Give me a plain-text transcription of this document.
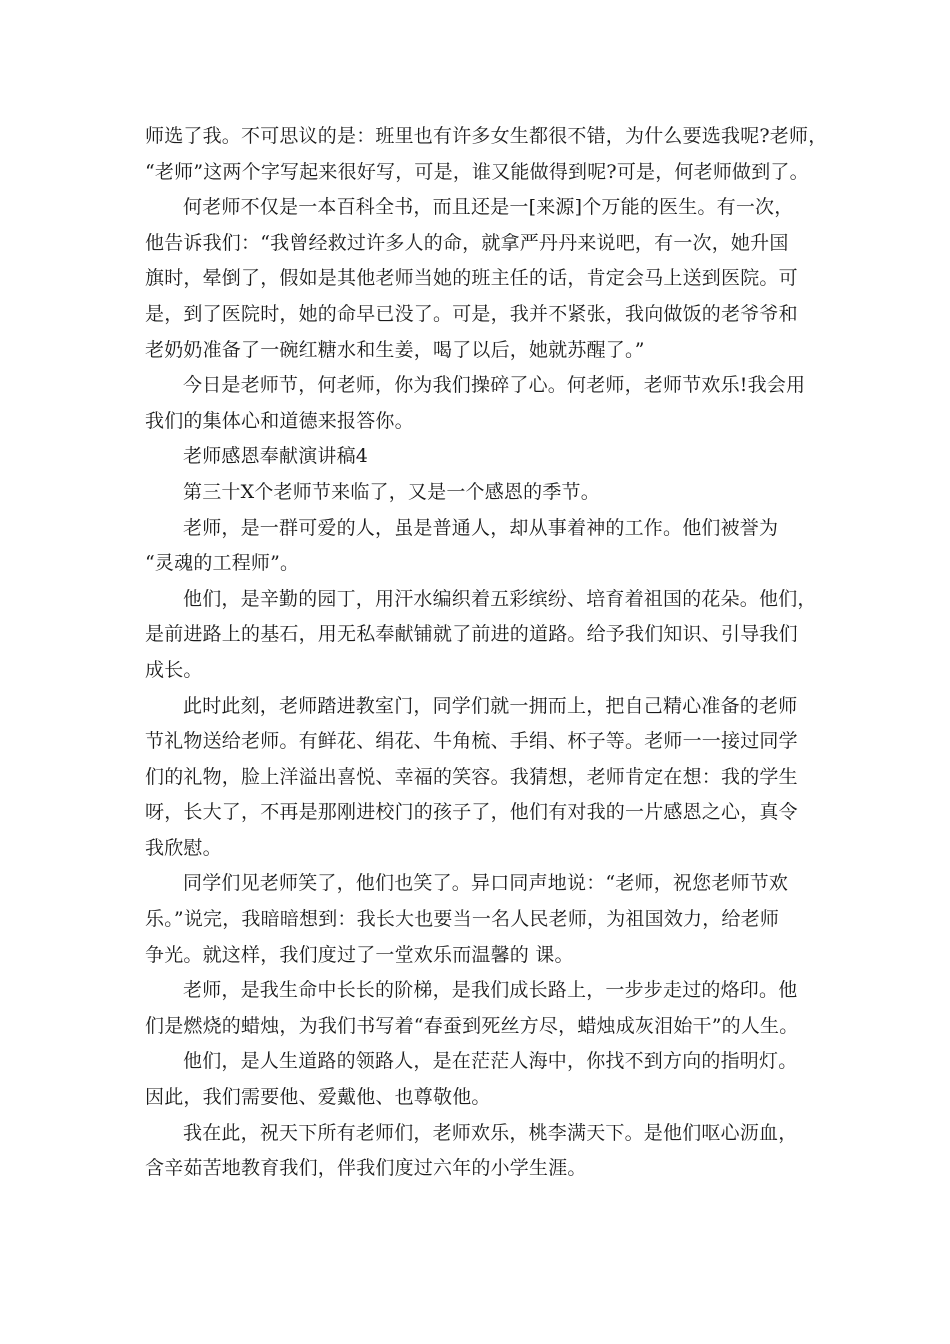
师选了我。不可思议的是：班里也有许多女生都很不错，为什么要选我呢?老师，
“老师”这两个字写起来很好写，可是，谁又能做得到呢?可是，何老师做到了。
何老师不仅是一本百科全书，而且还是一[来源]个万能的医生。有一次，
他告诉我们：“我曾经救过许多人的命，就拿严丹丹来说吧，有一次，她升国
旗时，晕倒了，假如是其他老师当她的班主任的话，肯定会马上送到医院。可
是，到了医院时，她的命早已没了。可是，我并不紧张，我向做饭的老爷爷和
老奶奶准备了一碗红糖水和生姜，喝了以后，她就苏醒了。”
今日是老师节，何老师，你为我们操碎了心。何老师，老师节欢乐!我会用
我们的集体心和道德来报答你。
老师感恩奉献演讲稿4
第三十X个老师节来临了，又是一个感恩的季节。
老师，是一群可爱的人，虽是普通人，却从事着神的工作。他们被誉为
“灵魂的工程师”。
他们，是辛勤的园丁，用汗水编织着五彩缤纷、培育着祖国的花朵。他们，
是前进路上的基石，用无私奉献铺就了前进的道路。给予我们知识、引导我们
成长。
此时此刻，老师踏进教室门，同学们就一拥而上，把自己精心准备的老师
节礼物送给老师。有鲜花、绢花、牛角梳、手绢、杯子等。老师一一接过同学
们的礼物，脸上洋溢出喜悦、幸福的笑容。我猜想，老师肯定在想：我的学生
呀，长大了，不再是那刚进校门的孩子了，他们有对我的一片感恩之心，真令
我欣慰。
同学们见老师笑了，他们也笑了。异口同声地说：“老师，祝您老师节欢
乐。”说完，我暗暗想到：我长大也要当一名人民老师，为祖国效力，给老师
争光。就这样，我们度过了一堂欢乐而温馨的 课。
老师，是我生命中长长的阶梯，是我们成长路上，一步步走过的烙印。他
们是燃烧的蜡烛，为我们书写着“春蚕到死丝方尽，蜡烛成灰泪始干”的人生。
他们，是人生道路的领路人，是在茫茫人海中，你找不到方向的指明灯。
因此，我们需要他、爱戴他、也尊敬他。
我在此，祝天下所有老师们，老师欢乐，桃李满天下。是他们呕心沥血，
含辛茹苦地教育我们，伴我们度过六年的小学生涯。
